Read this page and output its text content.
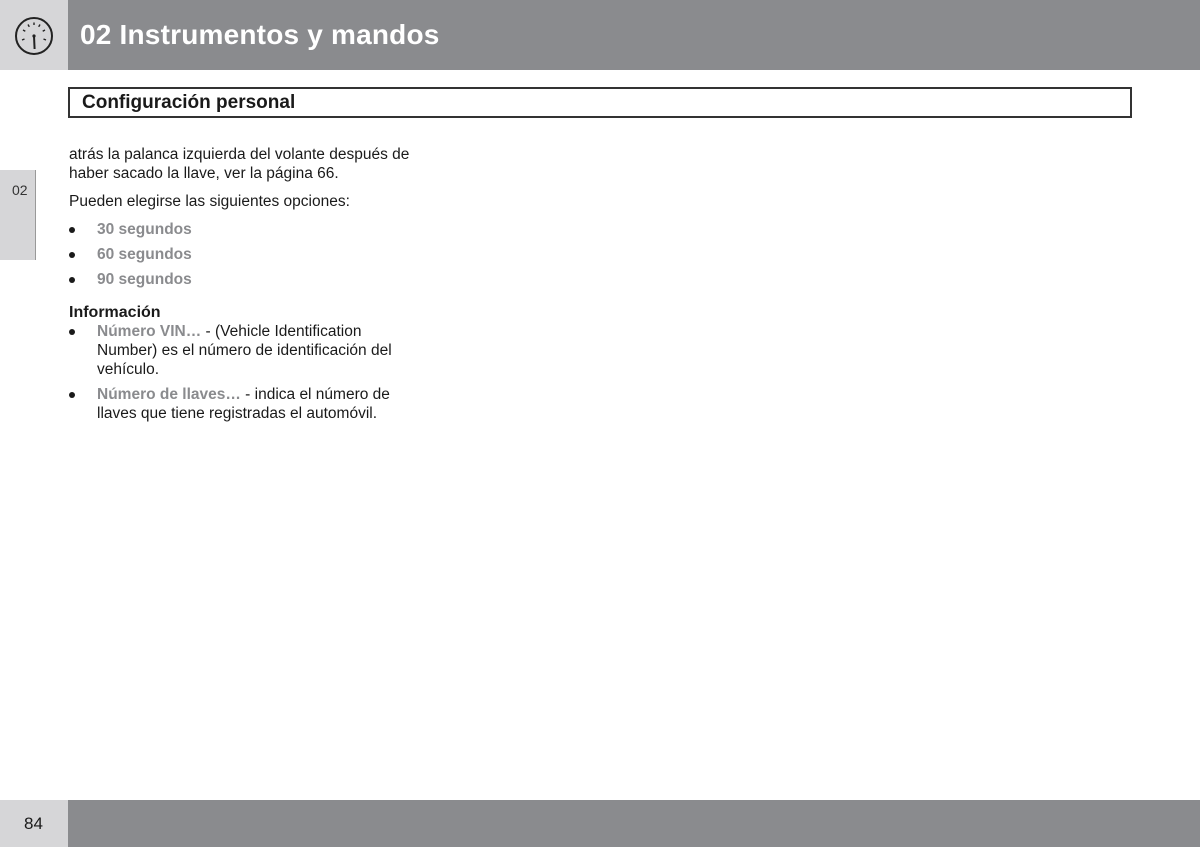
02 Instrumentos y mandos
Configuración personal
02

atrás la palanca izquierda del volante después de haber sacado la llave, ver la página 66.

Pueden elegirse las siguientes opciones:

30 segundos
60 segundos
90 segundos
Información
Número VIN… - (Vehicle Identification Number) es el número de identificación del vehículo.
Número de llaves… - indica el número de llaves que tiene registradas el automóvil.
84
